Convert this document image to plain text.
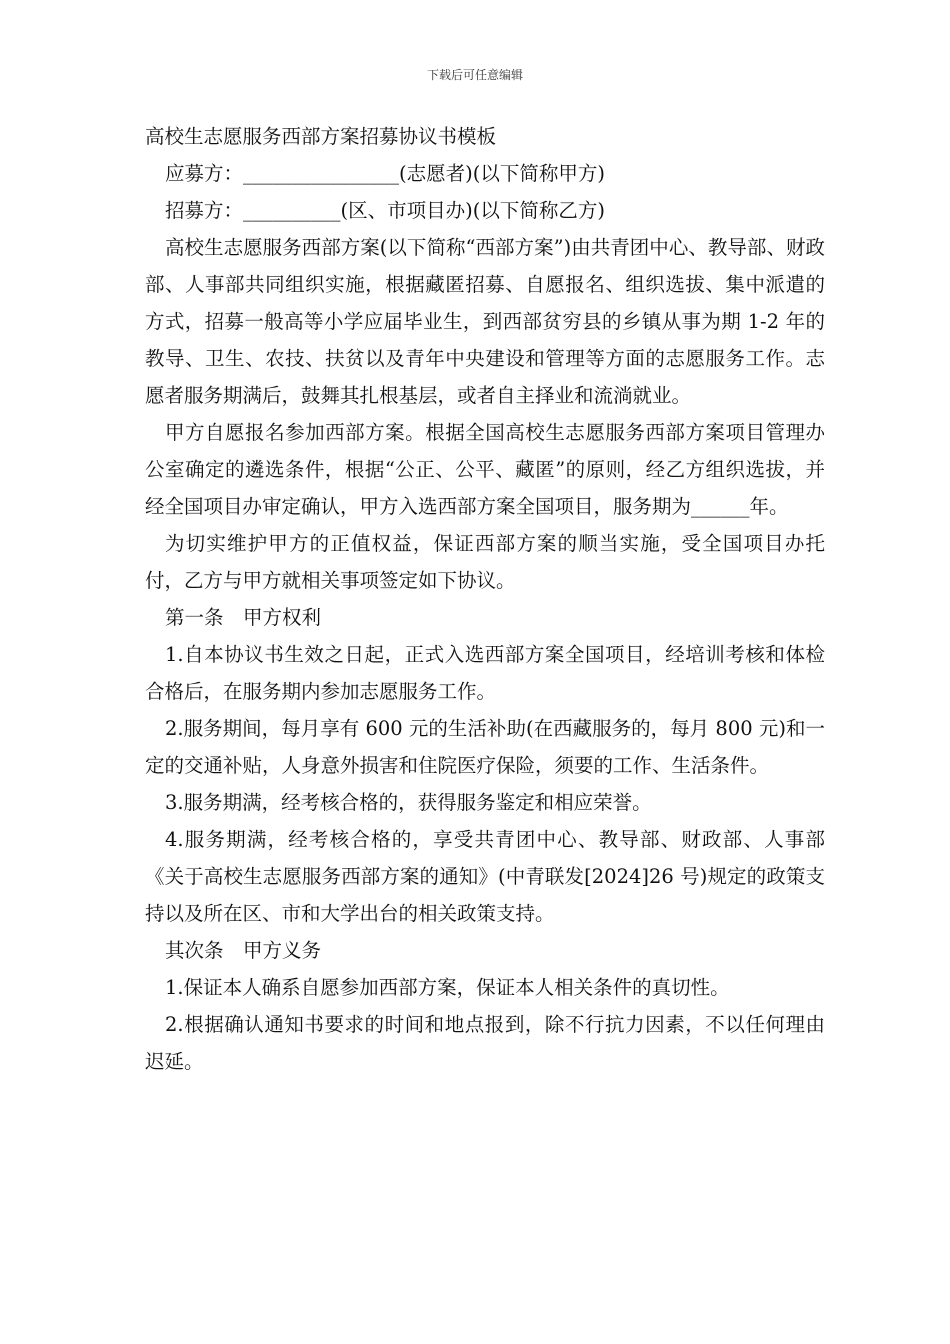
下载后可任意编辑
高校生志愿服务西部方案招募协议书模板

应募方：________________(志愿者)(以下简称甲方)

招募方：__________(区、市项目办)(以下简称乙方)

高校生志愿服务西部方案(以下简称“西部方案”)由共青团中心、教导部、财政部、人事部共同组织实施，根据藏匿招募、自愿报名、组织选拔、集中派遣的方式，招募一般高等小学应届毕业生，到西部贫穷县的乡镇从事为期 1-2 年的教导、卫生、农技、扶贫以及青年中央建设和管理等方面的志愿服务工作。志愿者服务期满后，鼓舞其扎根基层，或者自主择业和流淌就业。

甲方自愿报名参加西部方案。根据全国高校生志愿服务西部方案项目管理办公室确定的遴选条件，根据“公正、公平、藏匿”的原则，经乙方组织选拔，并经全国项目办审定确认，甲方入选西部方案全国项目，服务期为______年。

为切实维护甲方的正值权益，保证西部方案的顺当实施，受全国项目办托付，乙方与甲方就相关事项签定如下协议。

第一条　甲方权利

1.自本协议书生效之日起，正式入选西部方案全国项目，经培训考核和体检合格后，在服务期内参加志愿服务工作。

2.服务期间，每月享有 600 元的生活补助(在西藏服务的，每月 800 元)和一定的交通补贴，人身意外损害和住院医疗保险，须要的工作、生活条件。

3.服务期满，经考核合格的，获得服务鉴定和相应荣誉。

4.服务期满，经考核合格的，享受共青团中心、教导部、财政部、人事部《关于高校生志愿服务西部方案的通知》(中青联发[2024]26 号)规定的政策支持以及所在区、市和大学出台的相关政策支持。

其次条　甲方义务

1.保证本人确系自愿参加西部方案，保证本人相关条件的真切性。

2.根据确认通知书要求的时间和地点报到，除不行抗力因素，不以任何理由迟延。
